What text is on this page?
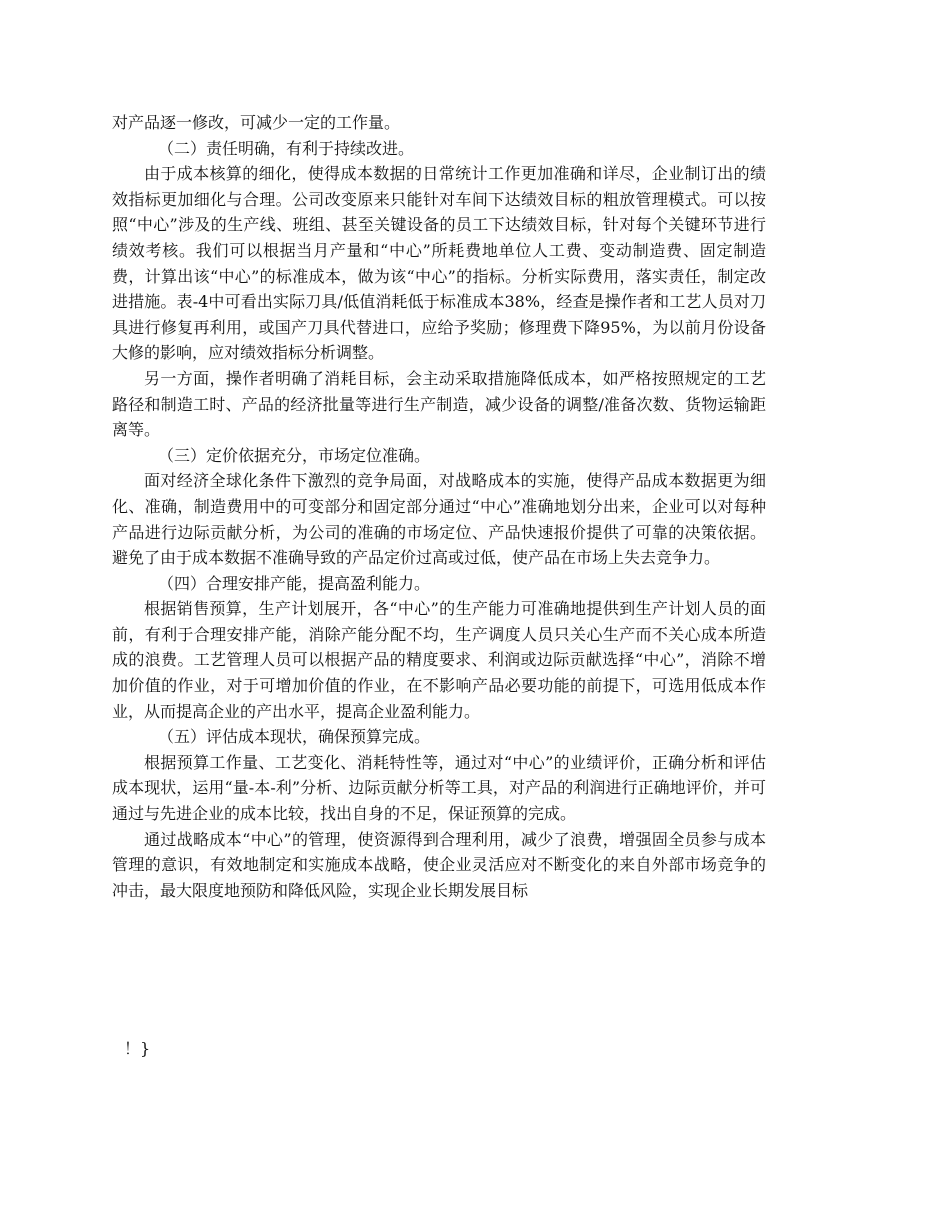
对产品逐一修改，可减少一定的工作量。

（二）责任明确，有利于持续改进。

由于成本核算的细化，使得成本数据的日常统计工作更加准确和详尽，企业制订出的绩效指标更加细化与合理。公司改变原来只能针对车间下达绩效目标的粗放管理模式。可以按照“中心”涉及的生产线、班组、甚至关键设备的员工下达绩效目标，针对每个关键环节进行绩效考核。我们可以根据当月产量和“中心”所耗费地单位人工费、变动制造费、固定制造费，计算出该“中心”的标准成本，做为该“中心”的指标。分析实际费用，落实责任，制定改进措施。表-4中可看出实际刀具/低值消耗低于标准成本38%，经查是操作者和工艺人员对刀具进行修复再利用，或国产刀具代替进口，应给予奖励；修理费下降95%，为以前月份设备大修的影响，应对绩效指标分析调整。

另一方面，操作者明确了消耗目标，会主动采取措施降低成本，如严格按照规定的工艺路径和制造工时、产品的经济批量等进行生产制造，减少设备的调整/准备次数、货物运输距离等。

（三）定价依据充分，市场定位准确。

面对经济全球化条件下激烈的竞争局面，对战略成本的实施，使得产品成本数据更为细化、准确，制造费用中的可变部分和固定部分通过“中心”准确地划分出来，企业可以对每种产品进行边际贡献分析，为公司的准确的市场定位、产品快速报价提供了可靠的决策依据。避免了由于成本数据不准确导致的产品定价过高或过低，使产品在市场上失去竞争力。

（四）合理安排产能，提高盈利能力。

根据销售预算，生产计划展开，各“中心”的生产能力可准确地提供到生产计划人员的面前，有利于合理安排产能，消除产能分配不均，生产调度人员只关心生产而不关心成本所造成的浪费。工艺管理人员可以根据产品的精度要求、利润或边际贡献选择“中心”，消除不增加价值的作业，对于可增加价值的作业，在不影响产品必要功能的前提下，可选用低成本作业，从而提高企业的产出水平，提高企业盈利能力。

（五）评估成本现状，确保预算完成。

根据预算工作量、工艺变化、消耗特性等，通过对“中心”的业绩评价，正确分析和评估成本现状，运用“量-本-利”分析、边际贡献分析等工具，对产品的利润进行正确地评价，并可通过与先进企业的成本比较，找出自身的不足，保证预算的完成。

通过战略成本“中心”的管理，使资源得到合理利用，减少了浪费，增强固全员参与成本管理的意识，有效地制定和实施成本战略，使企业灵活应对不断变化的来自外部市场竞争的冲击，最大限度地预防和降低风险，实现企业长期发展目标

！}
